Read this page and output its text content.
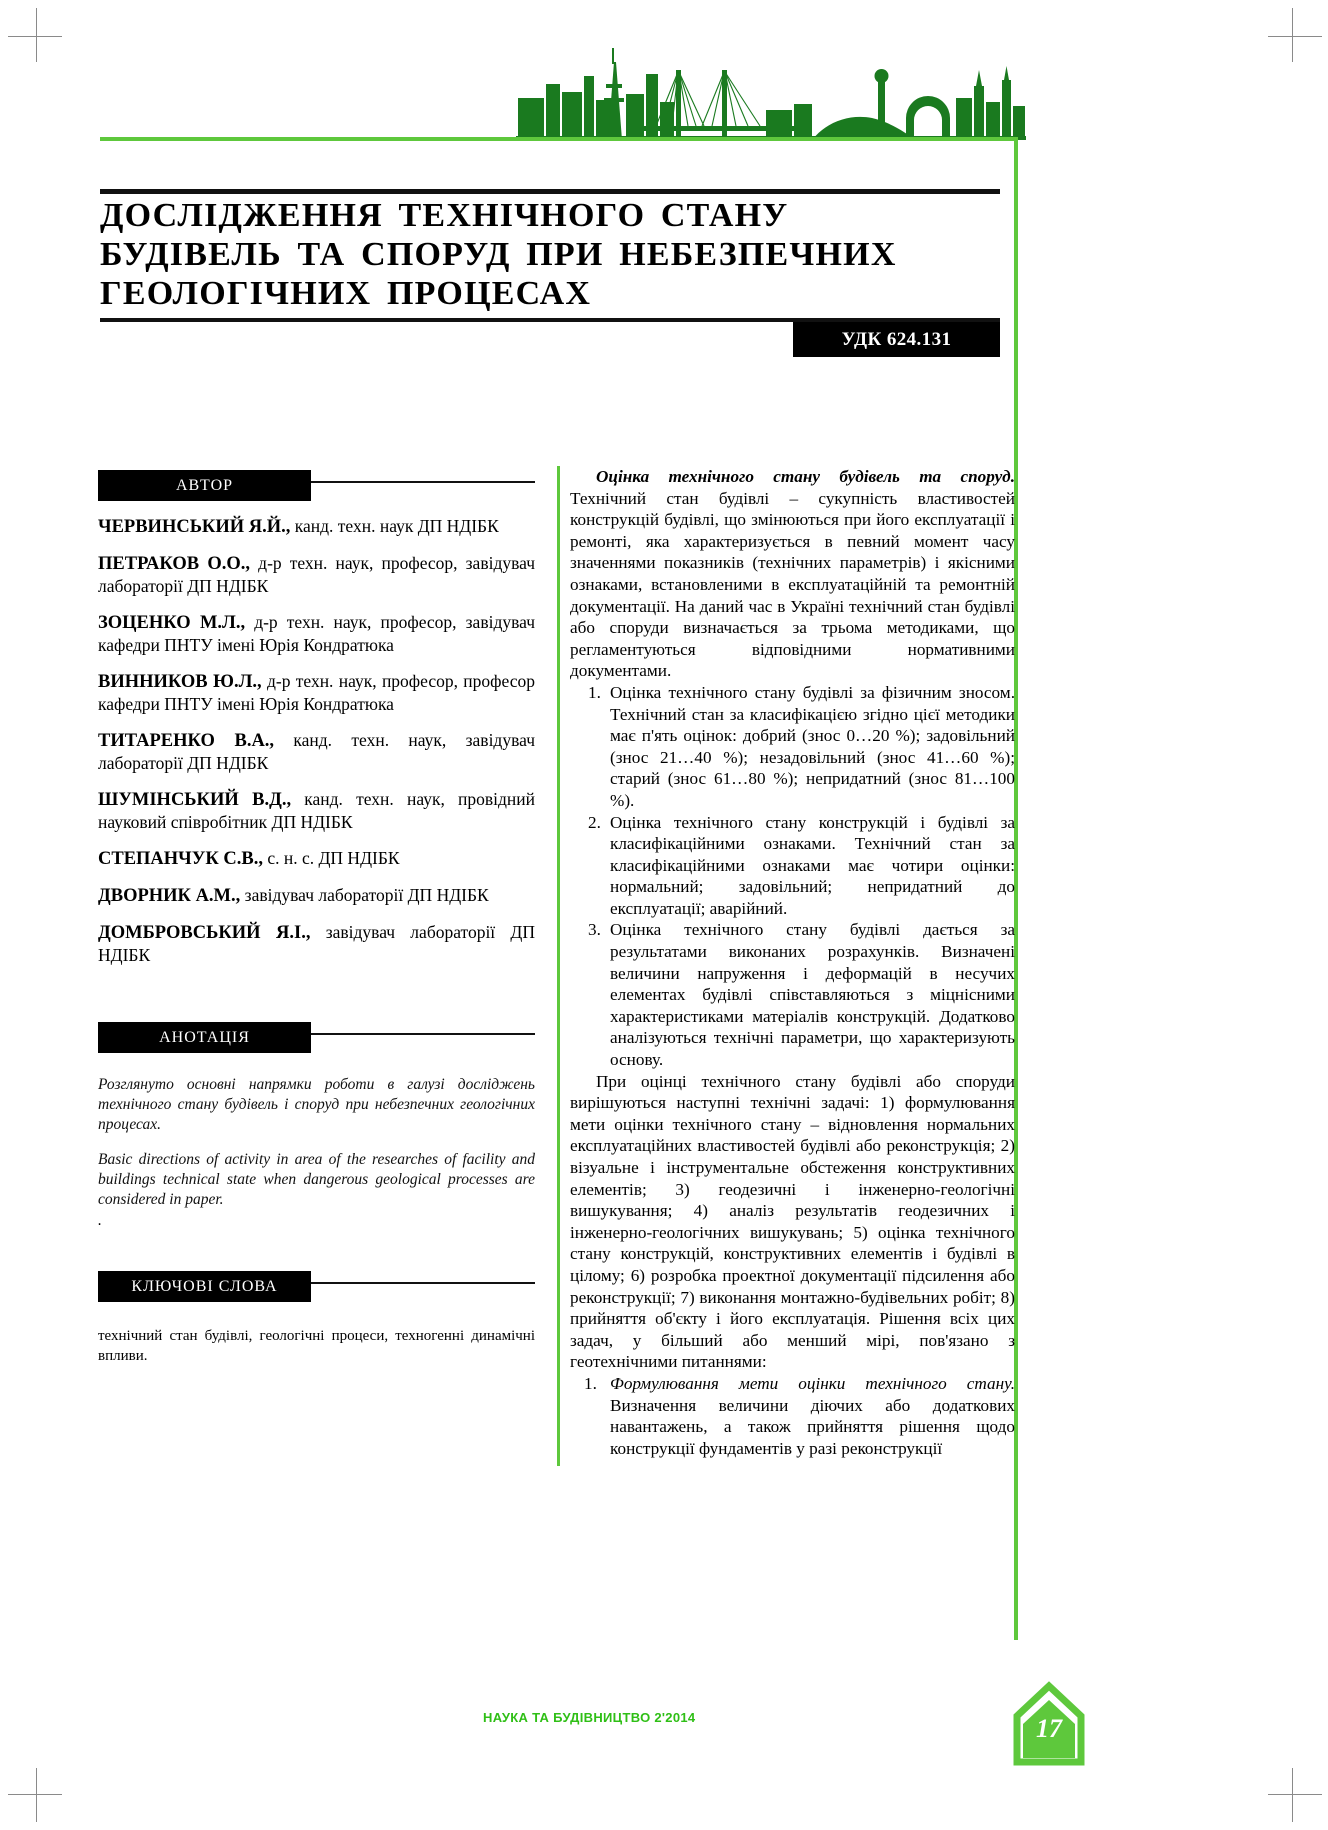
ДОСЛІДЖЕННЯ ТЕХНІЧНОГО СТАНУ
БУДІВЕЛЬ ТА СПОРУД ПРИ НЕБЕЗПЕЧНИХ
ГЕОЛОГІЧНИХ ПРОЦЕСАХ
УДК 624.131
АВТОР

ЧЕРВИНСЬКИЙ Я.Й., канд. техн. наук ДП НДІБК

ПЕТРАКОВ О.О., д-р техн. наук, професор, завідувач лабораторії ДП НДІБК

ЗОЦЕНКО М.Л., д-р техн. наук, професор, завідувач кафедри ПНТУ імені Юрія Кондратюка

ВИННИКОВ Ю.Л., д-р техн. наук, професор, професор кафедри ПНТУ імені Юрія Кондратюка

ТИТАРЕНКО В.А., канд. техн. наук, завідувач лабораторії ДП НДІБК

ШУМІНСЬКИЙ В.Д., канд. техн. наук, провідний науковий співробітник ДП НДІБК

СТЕПАНЧУК С.В., с. н. с. ДП НДІБК

ДВОРНИК А.М., завідувач лабораторії ДП НДІБК

ДОМБРОВСЬКИЙ Я.І., завідувач лабораторії ДП НДІБК

АНОТАЦІЯ

Розглянуто основні напрямки роботи в галузі досліджень технічного стану будівель і споруд при небезпечних геологічних процесах.

Basic directions of activity in area of the researches of facility and buildings technical state when dangerous geological processes are considered in paper.

.

КЛЮЧОВІ СЛОВА

технічний стан будівлі, геологічні процеси, техногенні динамічні впливи.

Оцінка технічного стану будівель та споруд. Технічний стан будівлі – сукупність властивостей конструкцій будівлі, що змінюються при його експлуатації і ремонті, яка характеризується в певний момент часу значеннями показників (технічних параметрів) і якісними ознаками, встановленими в експлуатаційній та ремонтній документації. На даний час в Україні технічний стан будівлі або споруди визначається за трьома методиками, що регламентуються відповідними нормативними документами.

Оцінка технічного стану будівлі за фізичним зносом. Технічний стан за класифікацією згідно цієї методики має п'ять оцінок: добрий (знос 0…20 %); задовільний (знос 21…40 %); незадовільний (знос 41…60 %); старий (знос 61…80 %); непридатний (знос 81…100 %).
Оцінка технічного стану конструкцій і будівлі за класифікаційними ознаками. Технічний стан за класифікаційними ознаками має чотири оцінки: нормальний; задовільний; непридатний до експлуатації; аварійний.
Оцінка технічного стану будівлі дається за результатами виконаних розрахунків. Визначені величини напруження і деформацій в несучих елементах будівлі співставляються з міцнісними характеристиками матеріалів конструкцій. Додатково аналізуються технічні параметри, що характеризують основу.

При оцінці технічного стану будівлі або споруди вирішуються наступні технічні задачі: 1) формулювання мети оцінки технічного стану – відновлення нормальних експлуатаційних властивостей будівлі або реконструкція; 2) візуальне і інструментальне обстеження конструктивних елементів; 3) геодезичні і інженерно-геологічні вишукування; 4) аналіз результатів геодезичних і інженерно-геологічних вишукувань; 5) оцінка технічного стану конструкцій, конструктивних елементів і будівлі в цілому; 6) розробка проектної документації підсилення або реконструкції; 7) виконання монтажно-будівельних робіт; 8) прийняття об'єкту і його експлуатація. Рішення всіх цих задач, у більший або менший мірі, пов'язано з геотехнічними питаннями:

Формулювання мети оцінки технічного стану. Визначення величини діючих або додаткових навантажень, а також прийняття рішення щодо конструкції фундаментів у разі реконструкції
НАУКА ТА БУДІВНИЦТВО 2'2014	17
